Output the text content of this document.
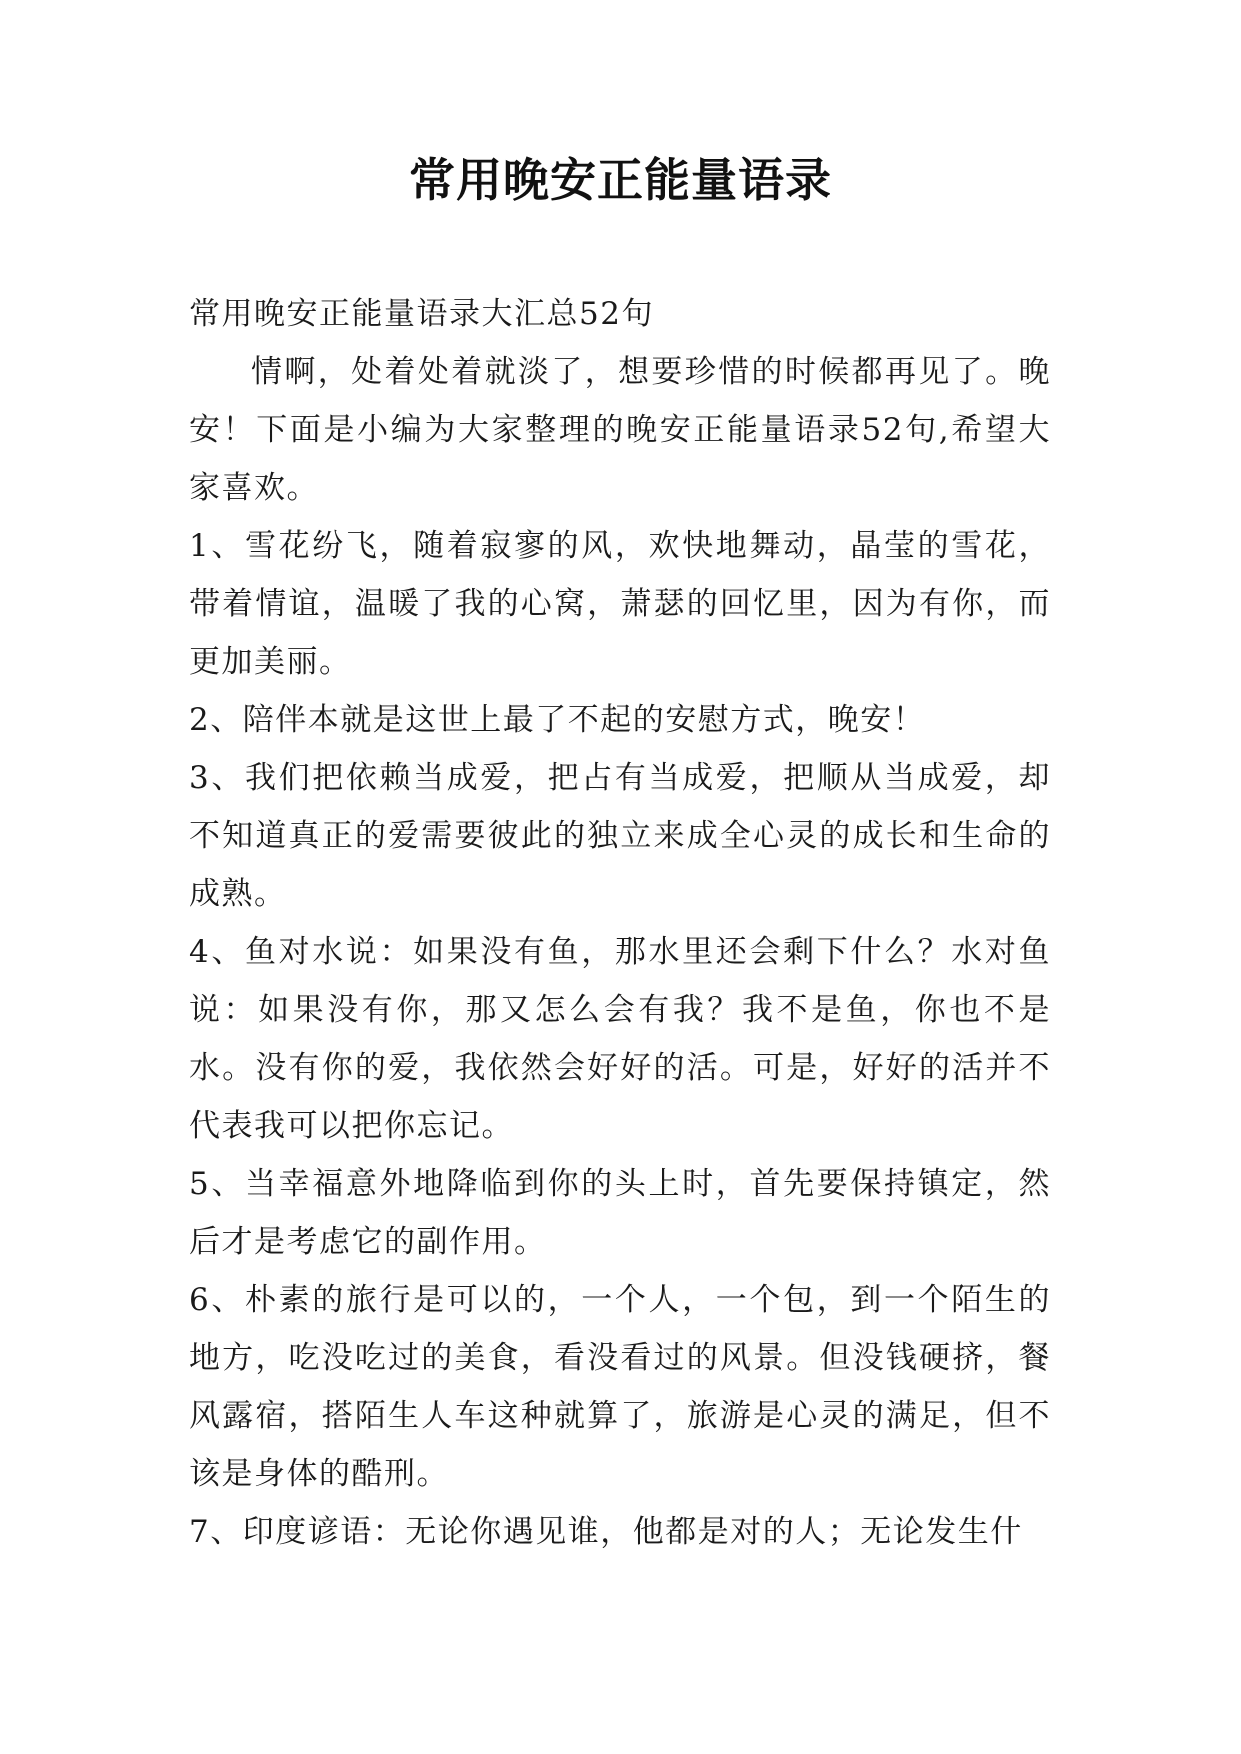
常用晚安正能量语录

常用晚安正能量语录大汇总52句

情啊，处着处着就淡了，想要珍惜的时候都再见了。晚安！下面是小编为大家整理的晚安正能量语录52句,希望大家喜欢。

1、雪花纷飞，随着寂寥的风，欢快地舞动，晶莹的雪花，带着情谊，温暖了我的心窝，萧瑟的回忆里，因为有你，而更加美丽。

2、陪伴本就是这世上最了不起的安慰方式，晚安！

3、我们把依赖当成爱，把占有当成爱，把顺从当成爱，却不知道真正的爱需要彼此的独立来成全心灵的成长和生命的成熟。

4、鱼对水说：如果没有鱼，那水里还会剩下什么？水对鱼说：如果没有你，那又怎么会有我？我不是鱼，你也不是水。没有你的爱，我依然会好好的活。可是，好好的活并不代表我可以把你忘记。

5、当幸福意外地降临到你的头上时，首先要保持镇定，然后才是考虑它的副作用。

6、朴素的旅行是可以的，一个人，一个包，到一个陌生的地方，吃没吃过的美食，看没看过的风景。但没钱硬挤，餐风露宿，搭陌生人车这种就算了，旅游是心灵的满足，但不该是身体的酷刑。

7、印度谚语：无论你遇见谁，他都是对的人；无论发生什
